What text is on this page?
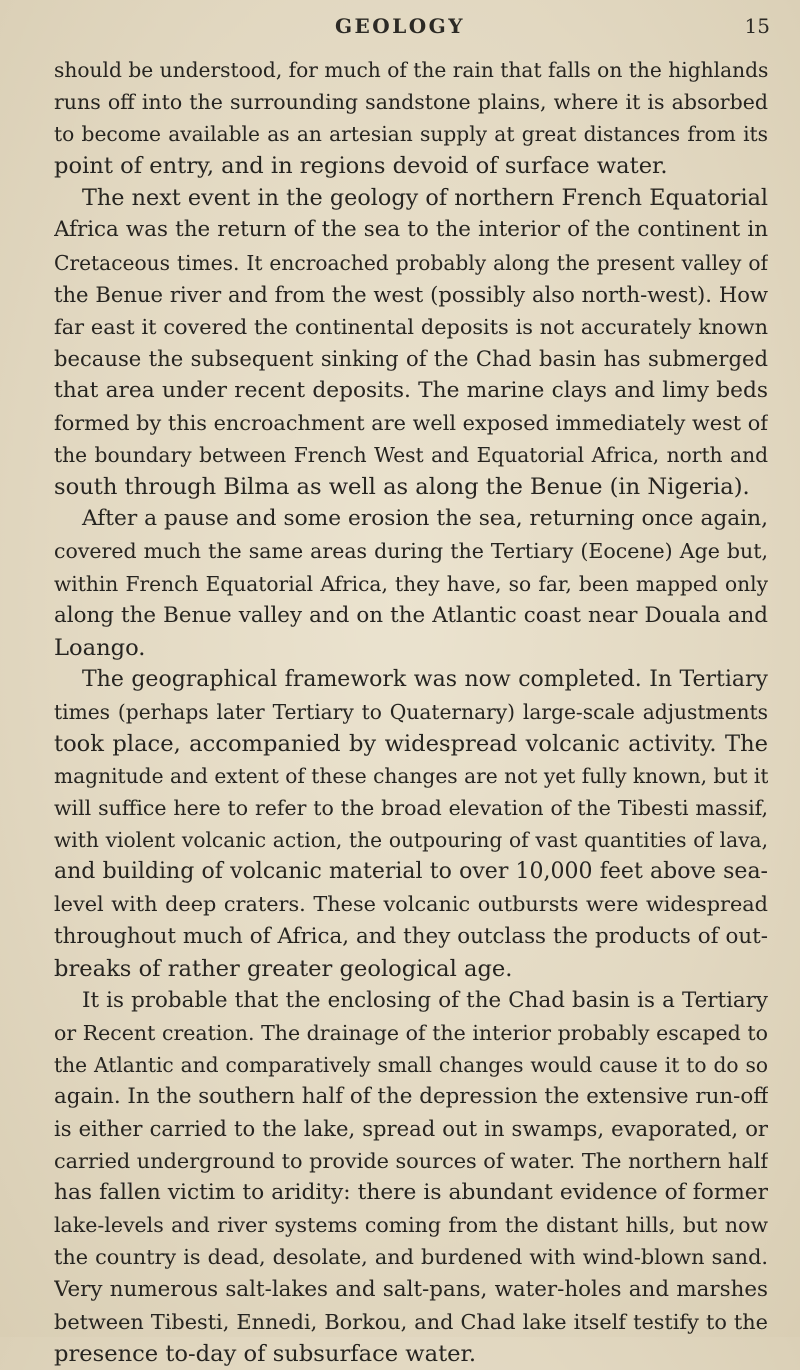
GEOLOGY	15
should be understood, for much of the rain that falls on the highlands
runs off into the surrounding sandstone plains, where it is absorbed
to become available as an artesian supply at great distances from its
point of entry, and in regions devoid of surface water.
The next event in the geology of northern French Equatorial
Africa was the return of the sea to the interior of the continent in
Cretaceous times. It encroached probably along the present valley of
the Benue river and from the west (possibly also north-west). How
far east it covered the continental deposits is not accurately known
because the subsequent sinking of the Chad basin has submerged
that area under recent deposits. The marine clays and limy beds
formed by this encroachment are well exposed immediately west of
the boundary between French West and Equatorial Africa, north and
south through Bilma as well as along the Benue (in Nigeria).
After a pause and some erosion the sea, returning once again,
covered much the same areas during the Tertiary (Eocene) Age but,
within French Equatorial Africa, they have, so far, been mapped only
along the Benue valley and on the Atlantic coast near Douala and
Loango.
The geographical framework was now completed. In Tertiary
times (perhaps later Tertiary to Quaternary) large-scale adjustments
took place, accompanied by widespread volcanic activity. The
magnitude and extent of these changes are not yet fully known, but it
will suffice here to refer to the broad elevation of the Tibesti massif,
with violent volcanic action, the outpouring of vast quantities of lava,
and building of volcanic material to over 10,000 feet above sea-
level with deep craters. These volcanic outbursts were widespread
throughout much of Africa, and they outclass the products of out-
breaks of rather greater geological age.
It is probable that the enclosing of the Chad basin is a Tertiary
or Recent creation. The drainage of the interior probably escaped to
the Atlantic and comparatively small changes would cause it to do so
again. In the southern half of the depression the extensive run-off
is either carried to the lake, spread out in swamps, evaporated, or
carried underground to provide sources of water. The northern half
has fallen victim to aridity: there is abundant evidence of former
lake-levels and river systems coming from the distant hills, but now
the country is dead, desolate, and burdened with wind-blown sand.
Very numerous salt-lakes and salt-pans, water-holes and marshes
between Tibesti, Ennedi, Borkou, and Chad lake itself testify to the
presence to-day of subsurface water.
